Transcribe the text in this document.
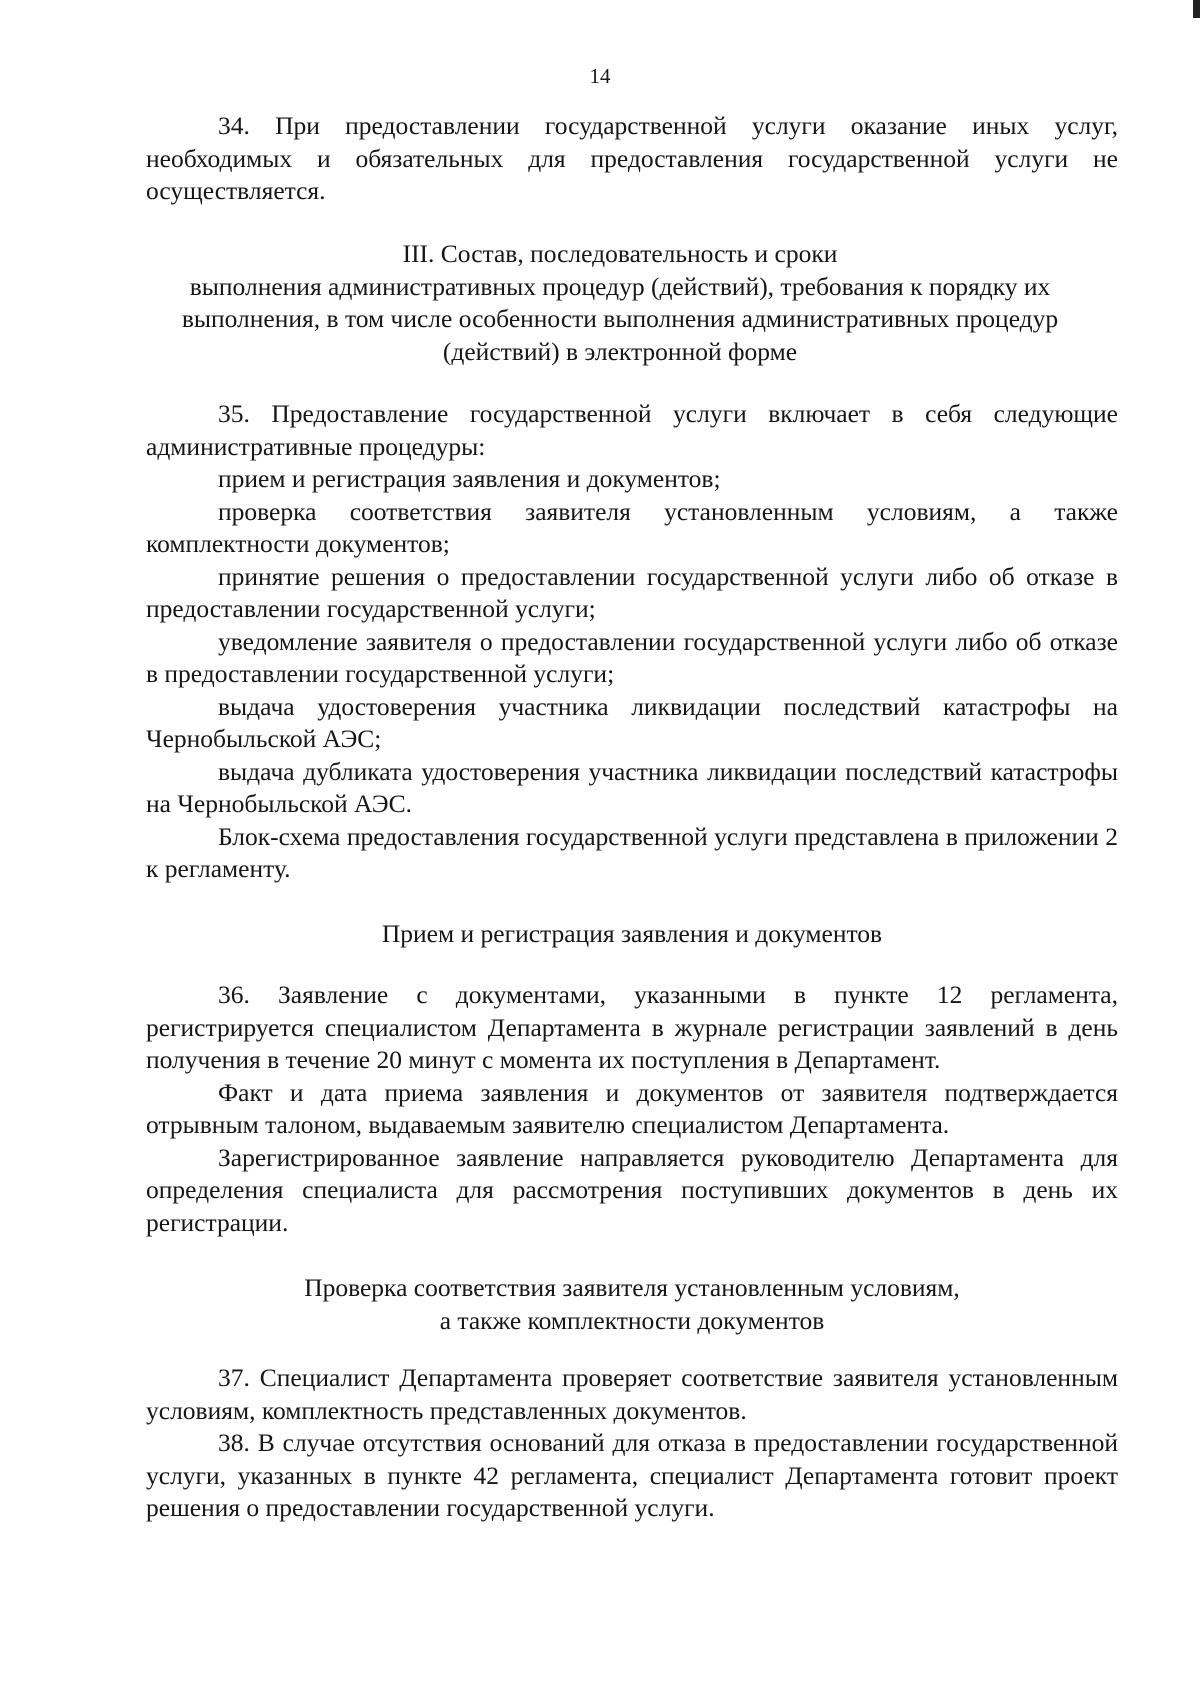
14

34. При предоставлении государственной услуги оказание иных услуг, необходимых и обязательных для предоставления государственной услуги не осуществляется.

III. Состав, последовательность и сроки

выполнения административных процедур (действий), требования к порядку их

выполнения, в том числе особенности выполнения административных процедур

(действий) в электронной форме

35. Предоставление государственной услуги включает в себя следующие административные процедуры:

прием и регистрация заявления и документов;

проверка соответствия заявителя установленным условиям, а также комплектности документов;

принятие решения о предоставлении государственной услуги либо об отказе в предоставлении государственной услуги;

уведомление заявителя о предоставлении государственной услуги либо об отказе в предоставлении государственной услуги;

выдача удостоверения участника ликвидации последствий катастрофы на Чернобыльской АЭС;

выдача дубликата удостоверения участника ликвидации последствий катастрофы на Чернобыльской АЭС.

Блок-схема предоставления государственной услуги представлена в приложении 2 к регламенту.

Прием и регистрация заявления и документов

36. Заявление с документами, указанными в пункте 12 регламента, регистрируется специалистом Департамента в журнале регистрации заявлений в день получения в течение 20 минут с момента их поступления в Департамент.

Факт и дата приема заявления и документов от заявителя подтверждается отрывным талоном, выдаваемым заявителю специалистом Департамента.

Зарегистрированное заявление направляется руководителю Департамента для определения специалиста для рассмотрения поступивших документов в день их регистрации.

Проверка соответствия заявителя установленным условиям,

а также комплектности документов

37. Специалист Департамента проверяет соответствие заявителя установленным условиям, комплектность представленных документов.

38. В случае отсутствия оснований для отказа в предоставлении государственной услуги, указанных в пункте 42 регламента, специалист Департамента готовит проект решения о предоставлении государственной услуги.
